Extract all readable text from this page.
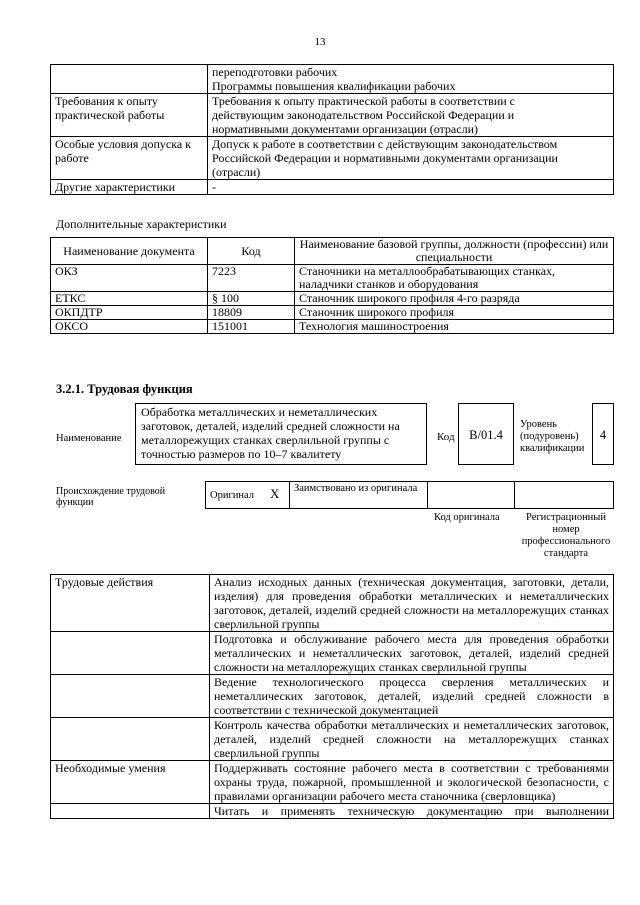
13

	переподготовки рабочих
Программы повышения квалификации рабочих

Требования к опыту практической работы	Требования к опыту практической работы в соответствии с
действующим законодательством Российской Федерации и
нормативными документами организации (отрасли)

Особые условия допуска к работе	Допуск к работе в соответствии с действующим законодательством
Российской Федерации и нормативными документами организации
(отрасли)

Другие характеристики	-
Дополнительные характеристики
Наименование документа	Код	Наименование базовой группы, должности (профессии) или специальности
ОКЗ	7223	Станочники на металлообрабатывающих станках, наладчики станков и оборудования
ЕТКС	§ 100	Станочник широкого профиля 4-го разряда
ОКПДТР	18809	Станочник широкого профиля
ОКСО	151001	Технология машиностроения
3.2.1. Трудовая функция
Наименование
Обработка металлических и неметаллических заготовок, деталей, изделий средней сложности на металлорежущих станках сверлильной группы с точностью размеров по 10–7 квалитету
Код	B/01.4
Уровень (подуровень) квалификации
4
Происхождение трудовой функции
Оригинал X	Заимствовано из оригинала
Код оригинала	Регистрационный номер профессионального стандарта
Трудовые действия	Анализ исходных данных (техническая документация, заготовки, детали, изделия) для проведения обработки металлических и неметаллических заготовок, деталей, изделий средней сложности на металлорежущих станках сверлильной группы
	Подготовка и обслуживание рабочего места для проведения обработки металлических и неметаллических заготовок, деталей, изделий средней сложности на металлорежущих станках сверлильной группы
	Ведение технологического процесса сверления металлических и неметаллических заготовок, деталей, изделий средней сложности в соответствии с технической документацией
	Контроль качества обработки металлических и неметаллических заготовок, деталей, изделий средней сложности на металлорежущих станках сверлильной группы
Необходимые умения	Поддерживать состояние рабочего места в соответствии с требованиями охраны труда, пожарной, промышленной и экологической безопасности, с правилами организации рабочего места станочника (сверловщика)
	Читать и применять техническую документацию при выполнении
